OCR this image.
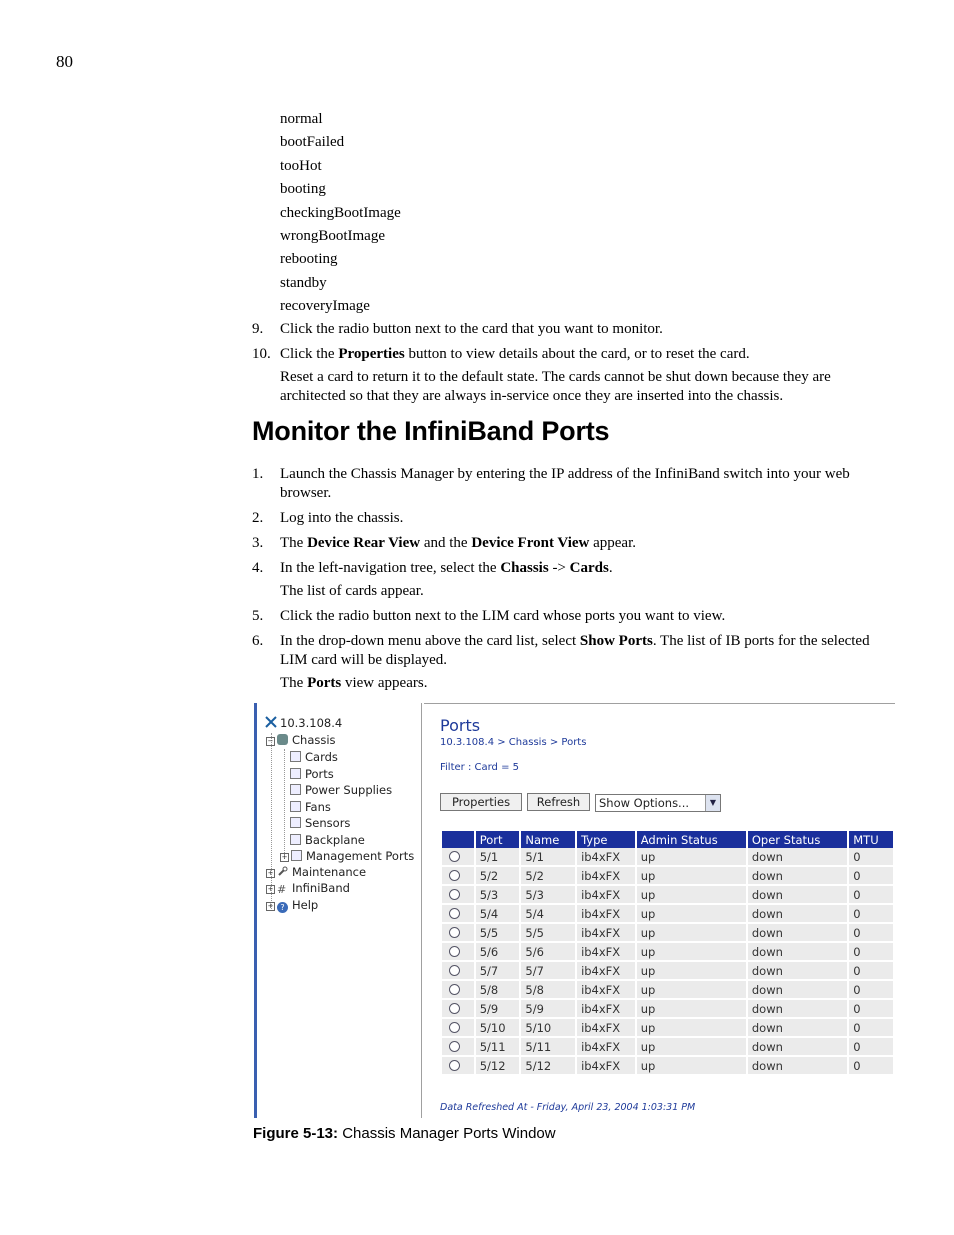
80
normal
bootFailed
tooHot
booting
checkingBootImage
wrongBootImage
rebooting
standby
recoveryImage
9. Click the radio button next to the card that you want to monitor.
10. Click the Properties button to view details about the card, or to reset the card.
Reset a card to return it to the default state. The cards cannot be shut down because they are architected so that they are always in-service once they are inserted into the chassis.
Monitor the InfiniBand Ports
1. Launch the Chassis Manager by entering the IP address of the InfiniBand switch into your web browser.
2. Log into the chassis.
3. The Device Rear View and the Device Front View appear.
4. In the left-navigation tree, select the Chassis -> Cards.
The list of cards appear.
5. Click the radio button next to the LIM card whose ports you want to view.
6. In the drop-down menu above the card list, select Show Ports. The list of IB ports for the selected LIM card will be displayed.
The Ports view appears.
10.3.108.4
− Chassis
Cards
Ports
Power Supplies
Fans
Sensors
Backplane
+ Management Ports
+ Maintenance
+ # InfiniBand
+ ? Help
Ports
10.3.108.4 > Chassis > Ports
Filter : Card = 5
Properties	Refresh	Show Options...	▼
	Port	Name	Type	Admin Status	Oper Status	MTU
	5/1	5/1	ib4xFX	up	down	0
	5/2	5/2	ib4xFX	up	down	0
	5/3	5/3	ib4xFX	up	down	0
	5/4	5/4	ib4xFX	up	down	0
	5/5	5/5	ib4xFX	up	down	0
	5/6	5/6	ib4xFX	up	down	0
	5/7	5/7	ib4xFX	up	down	0
	5/8	5/8	ib4xFX	up	down	0
	5/9	5/9	ib4xFX	up	down	0
	5/10	5/10	ib4xFX	up	down	0
	5/11	5/11	ib4xFX	up	down	0
	5/12	5/12	ib4xFX	up	down	0
Data Refreshed At - Friday, April 23, 2004 1:03:31 PM
Figure 5-13: Chassis Manager Ports Window
